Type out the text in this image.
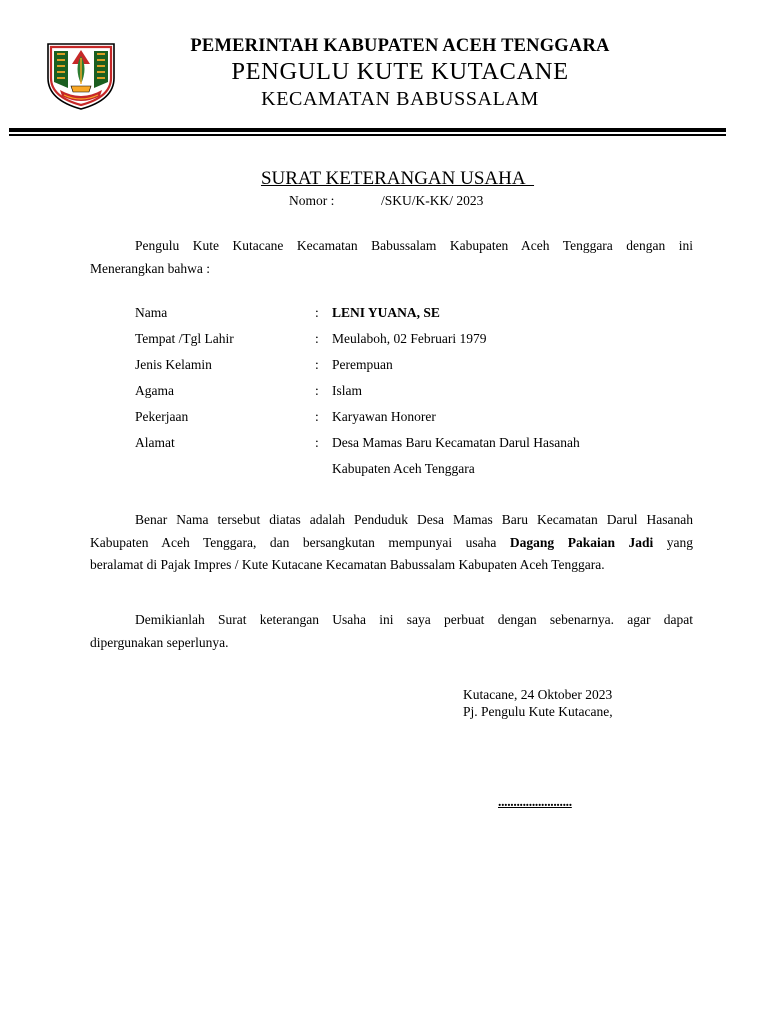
PEMERINTAH KABUPATEN ACEH TENGGARA
PENGULU KUTE KUTACANE
KECAMATAN BABUSSALAM
SURAT KETERANGAN USAHA
Nomor :	/SKU/K-KK/ 2023
Pengulu Kute Kutacane Kecamatan Babussalam Kabupaten Aceh Tenggara dengan ini
Menerangkan bahwa :
Nama	: LENI YUANA, SE
Tempat /Tgl Lahir	: Meulaboh, 02 Februari 1979
Jenis Kelamin	: Perempuan
Agama	: Islam
Pekerjaan	: Karyawan Honorer
Alamat	: Desa Mamas Baru Kecamatan Darul Hasanah
Kabupaten Aceh Tenggara
Benar Nama tersebut diatas adalah Penduduk Desa Mamas Baru Kecamatan Darul Hasanah
Kabupaten Aceh Tenggara, dan bersangkutan mempunyai usaha Dagang Pakaian Jadi yang
beralamat di Pajak Impres / Kute Kutacane Kecamatan Babussalam Kabupaten Aceh Tenggara.
Demikianlah Surat keterangan Usaha ini saya perbuat dengan sebenarnya. agar dapat
dipergunakan seperlunya.
Kutacane, 24 Oktober 2023
Pj. Pengulu Kute Kutacane,
........................
